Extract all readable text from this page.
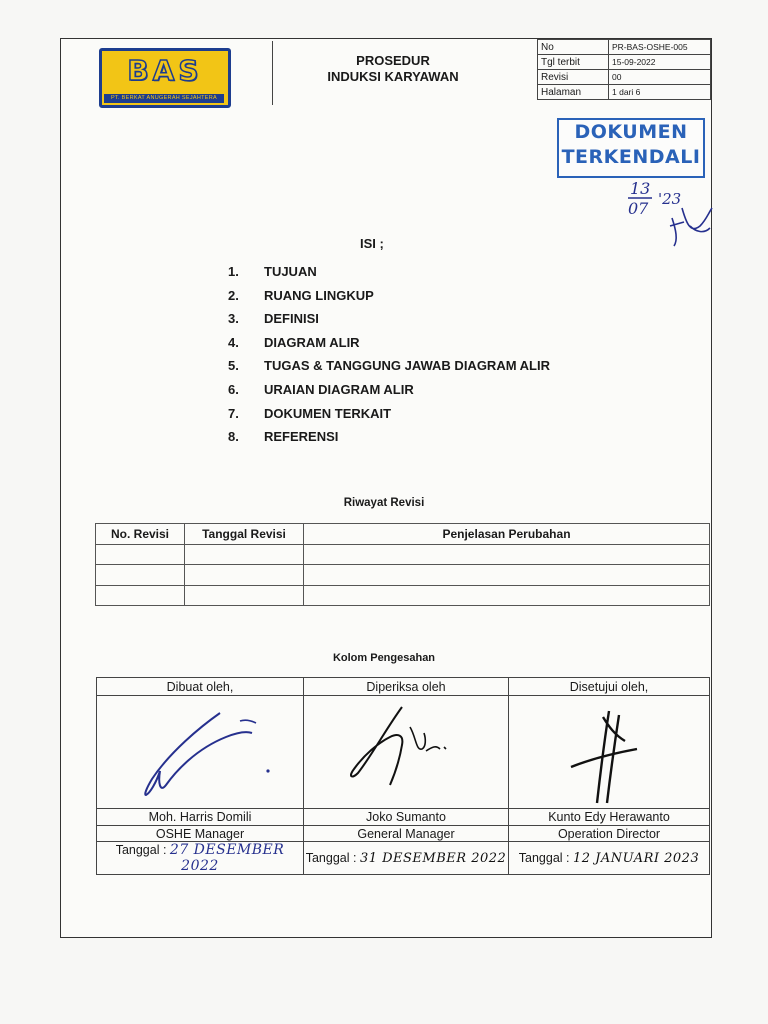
BAS
PT. BERKAT ANUGERAH SEJAHTERA
PROSEDUR
INDUKSI KARYAWAN
No	PR-BAS-OSHE-005
Tgl terbit	15-09-2022
Revisi	00
Halaman	1 dari 6
DOKUMEN
TERKENDALI
13
07 '23
ISI ;
1.	TUJUAN
2.	RUANG LINGKUP
3.	DEFINISI
4.	DIAGRAM ALIR
5.	TUGAS & TANGGUNG JAWAB DIAGRAM ALIR
6.	URAIAN DIAGRAM ALIR
7.	DOKUMEN TERKAIT
8.	REFERENSI
Riwayat Revisi
No. Revisi	Tanggal Revisi	Penjelasan Perubahan

Kolom Pengesahan
Dibuat oleh,	Diperiksa oleh	Disetujui oleh,

Moh. Harris Domili	Joko Sumanto	Kunto Edy Herawanto
OSHE Manager	General Manager	Operation Director
Tanggal : 27 DESEMBER 2022	Tanggal : 31 DESEMBER 2022	Tanggal : 12 JANUARI 2023
